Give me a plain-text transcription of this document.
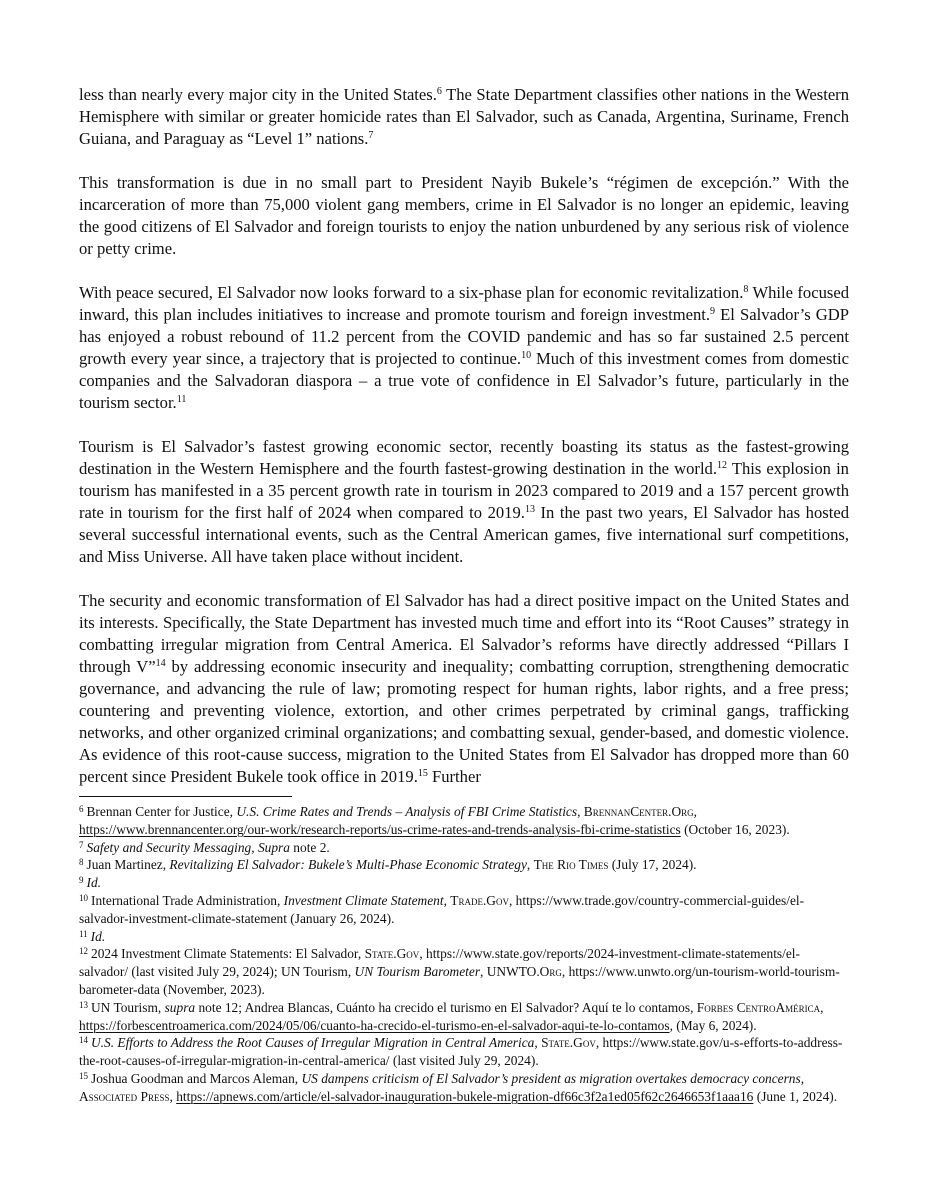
less than nearly every major city in the United States.$^6$ The State Department classifies other nations in the Western Hemisphere with similar or greater homicide rates than El Salvador, such as Canada, Argentina, Suriname, French Guiana, and Paraguay as “Level 1” nations.$^7$

This transformation is due in no small part to President Nayib Bukele’s “régimen de excepción.” With the incarceration of more than 75,000 violent gang members, crime in El Salvador is no longer an epidemic, leaving the good citizens of El Salvador and foreign tourists to enjoy the nation unburdened by any serious risk of violence or petty crime.

With peace secured, El Salvador now looks forward to a six-phase plan for economic revitalization.$^8$ While focused inward, this plan includes initiatives to increase and promote tourism and foreign investment.$^9$ El Salvador’s GDP has enjoyed a robust rebound of 11.2 percent from the COVID pandemic and has so far sustained 2.5 percent growth every year since, a trajectory that is projected to continue.$^{10}$ Much of this investment comes from domestic companies and the Salvadoran diaspora – a true vote of confidence in El Salvador’s future, particularly in the tourism sector.$^{11}$

Tourism is El Salvador’s fastest growing economic sector, recently boasting its status as the fastest-growing destination in the Western Hemisphere and the fourth fastest-growing destination in the world.$^{12}$ This explosion in tourism has manifested in a 35 percent growth rate in tourism in 2023 compared to 2019 and a 157 percent growth rate in tourism for the first half of 2024 when compared to 2019.13 In the past two years, El Salvador has hosted several successful international events, such as the Central American games, five international surf competitions, and Miss Universe. All have taken place without incident.

The security and economic transformation of El Salvador has had a direct positive impact on the United States and its interests. Specifically, the State Department has invested much time and effort into its “Root Causes” strategy in combatting irregular migration from Central America. El Salvador’s reforms have directly addressed “Pillars I through V”$^{14}$ by addressing economic insecurity and inequality; combatting corruption, strengthening democratic governance, and advancing the rule of law; promoting respect for human rights, labor rights, and a free press; countering and preventing violence, extortion, and other crimes perpetrated by criminal gangs, trafficking networks, and other organized criminal organizations; and combatting sexual, gender-based, and domestic violence. As evidence of this root-cause success, migration to the United States from El Salvador has dropped more than 60 percent since President Bukele took office in 2019.15 Further

$^6$ Brennan Center for Justice, U.S. Crime Rates and Trends – Analysis of FBI Crime Statistics, BrennanCenter.Org, https://www.brennancenter.org/our-work/research-reports/us-crime-rates-and-trends-analysis-fbi-crime-statistics (October 16, 2023).

$^7$ Safety and Security Messaging, Supra note 2.

$^8$ Juan Martinez, Revitalizing El Salvador: Bukele’s Multi-Phase Economic Strategy, The Rio Times (July 17, 2024).

$^9$ Id.

$^{10}$ International Trade Administration, Investment Climate Statement, Trade.Gov, https://www.trade.gov/country-commercial-guides/el-salvador-investment-climate-statement (January 26, 2024).

$^{11}$ Id.

$^{12}$ 2024 Investment Climate Statements: El Salvador, State.Gov, https://www.state.gov/reports/2024-investment-climate-statements/el-salvador/ (last visited July 29, 2024); UN Tourism, UN Tourism Barometer, UNWTO.Org, https://www.unwto.org/un-tourism-world-tourism-barometer-data (November, 2023).

$^{13}$ UN Tourism, supra note 12; Andrea Blancas, Cuánto ha crecido el turismo en El Salvador? Aquí te lo contamos, Forbes CentroAmérica, https://forbescentroamerica.com/2024/05/06/cuanto-ha-crecido-el-turismo-en-el-salvador-aqui-te-lo-contamos, (May 6, 2024).

$^{14}$ U.S. Efforts to Address the Root Causes of Irregular Migration in Central America, State.Gov, https://www.state.gov/u-s-efforts-to-address-the-root-causes-of-irregular-migration-in-central-america/ (last visited July 29, 2024).

$^{15}$ Joshua Goodman and Marcos Aleman, US dampens criticism of El Salvador’s president as migration overtakes democracy concerns, Associated Press, https://apnews.com/article/el-salvador-inauguration-bukele-migration-df66c3f2a1ed05f62c2646653f1aaa16 (June 1, 2024).
